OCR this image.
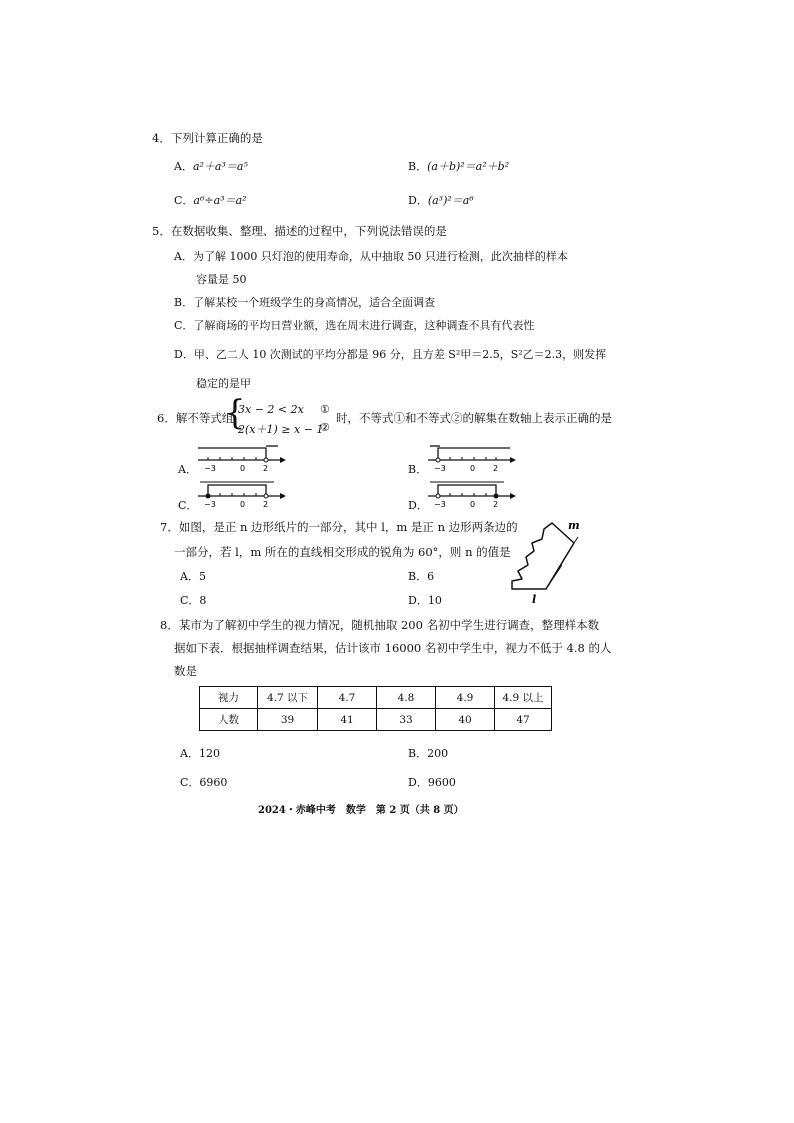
4．下列计算正确的是
A．a²＋a³＝a⁵	B．(a＋b)²＝a²＋b²
C．a⁶÷a³＝a²	D．(a³)²＝a⁶
5．在数据收集、整理、描述的过程中，下列说法错误的是
A．为了解 1000 只灯泡的使用寿命，从中抽取 50 只进行检测，此次抽样的样本
容量是 50
B．了解某校一个班级学生的身高情况，适合全面调查
C．了解商场的平均日营业额，选在周末进行调查，这种调查不具有代表性
D．甲、乙二人 10 次测试的平均分都是 96 分，且方差 S²甲＝2.5，S²乙＝2.3，则发挥
稳定的是甲
6．解不等式组
{
3x − 2 < 2x ①
2(x＋1) ≥ x − 1
②
时，不等式①和不等式②的解集在数轴上表示正确的是
A．	B．
C．	D．
−3	0 2	−3	0 2
−3	0 2	−3	0 2
7．如图，是正 n 边形纸片的一部分，其中 l，m 是正 n 边形两条边的
一部分，若 l，m 所在的直线相交形成的锐角为 60°，则 n 的值是
A．5	B．6
C．8	D．10
m
l
8．某市为了解初中学生的视力情况，随机抽取 200 名初中学生进行调查，整理样本数
据如下表．根据抽样调查结果，估计该市 16000 名初中学生中，视力不低于 4.8 的人
数是
视力	4.7 以下	4.7	4.8	4.9	4.9 以上
人数	39	41	33	40	47
A．120	B．200
C．6960	D．9600
2024・赤峰中考　数学　第 2 页（共 8 页）
